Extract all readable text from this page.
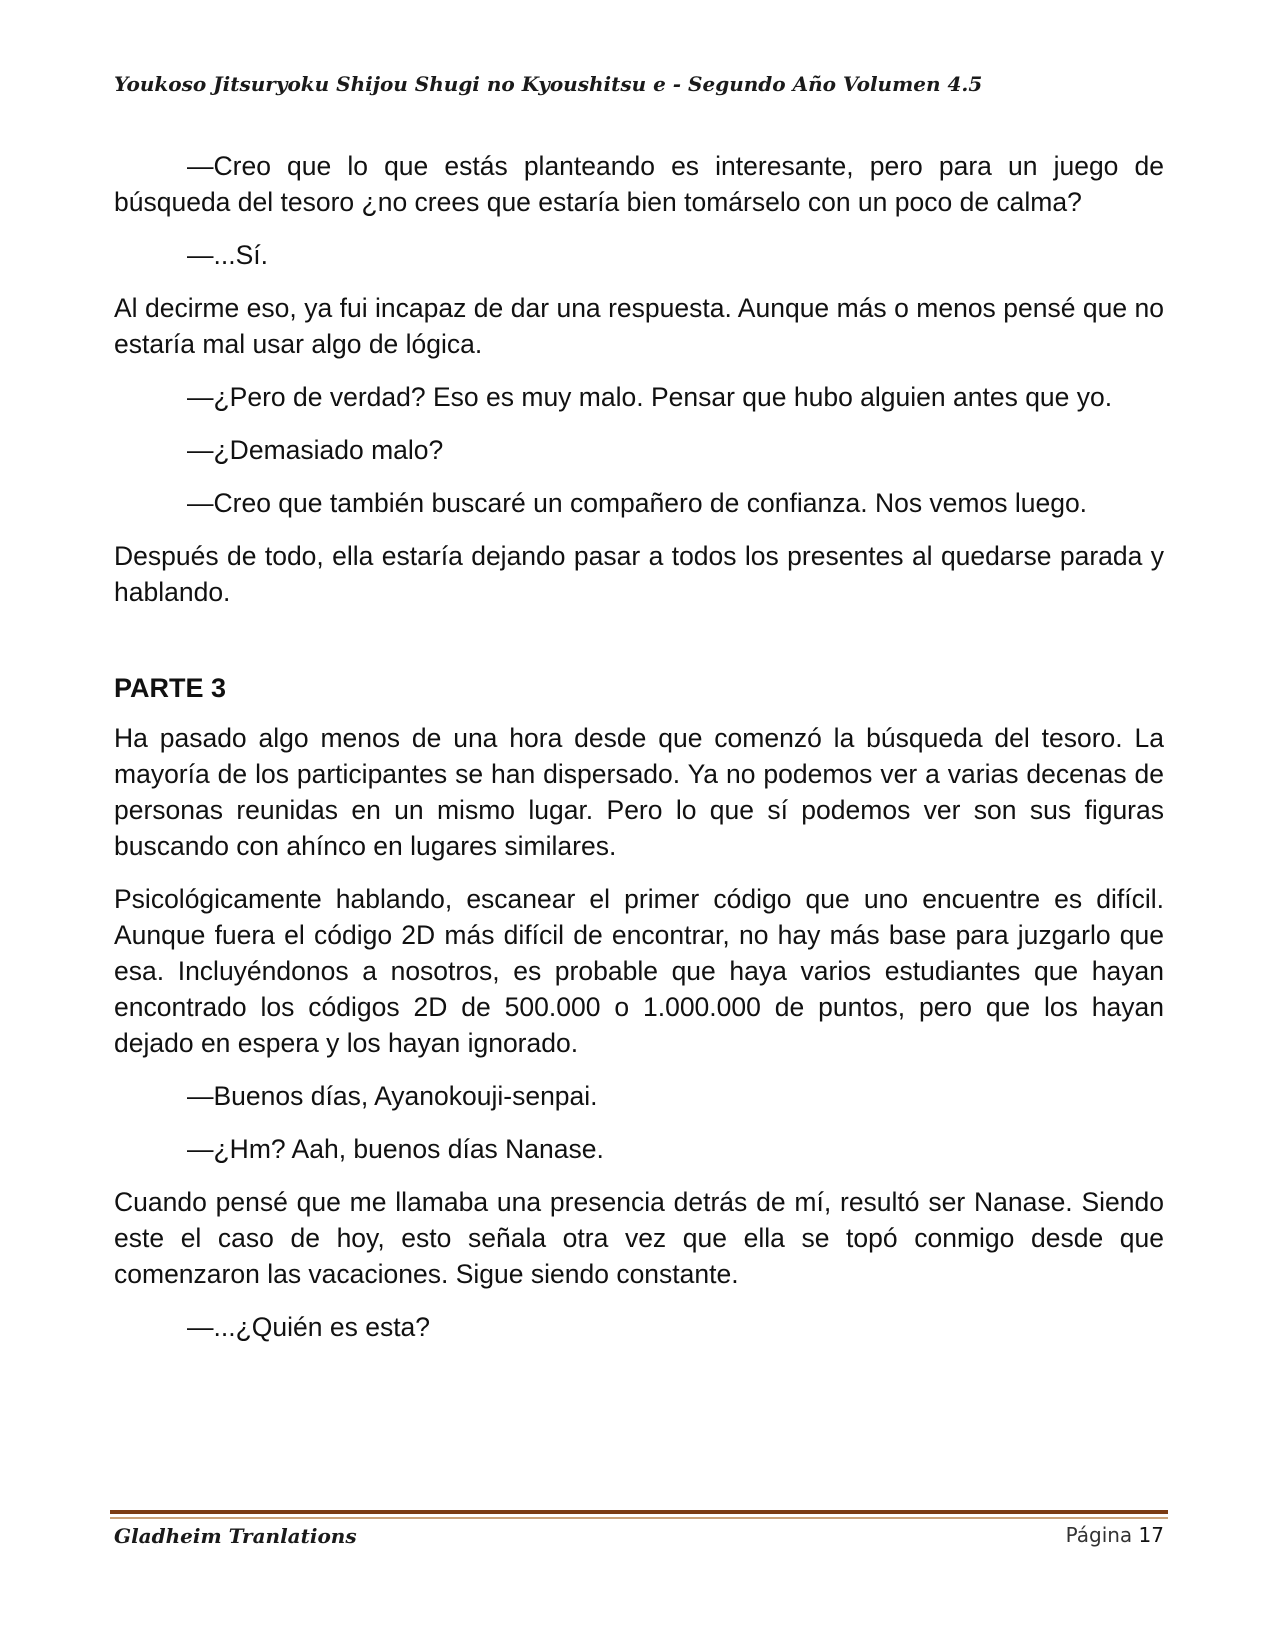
Youkoso Jitsuryoku Shijou Shugi no Kyoushitsu e - Segundo Año Volumen 4.5

—Creo que lo que estás planteando es interesante, pero para un juego de búsqueda del tesoro ¿no crees que estaría bien tomárselo con un poco de calma?

—...Sí.

Al decirme eso, ya fui incapaz de dar una respuesta. Aunque más o menos pensé que no estaría mal usar algo de lógica.

—¿Pero de verdad? Eso es muy malo. Pensar que hubo alguien antes que yo.

—¿Demasiado malo?

—Creo que también buscaré un compañero de confianza. Nos vemos luego.

Después de todo, ella estaría dejando pasar a todos los presentes al quedarse parada y hablando.

PARTE 3

Ha pasado algo menos de una hora desde que comenzó la búsqueda del tesoro. La mayoría de los participantes se han dispersado. Ya no podemos ver a varias decenas de personas reunidas en un mismo lugar. Pero lo que sí podemos ver son sus figuras buscando con ahínco en lugares similares.

Psicológicamente hablando, escanear el primer código que uno encuentre es difícil. Aunque fuera el código 2D más difícil de encontrar, no hay más base para juzgarlo que esa. Incluyéndonos a nosotros, es probable que haya varios estudiantes que hayan encontrado los códigos 2D de 500.000 o 1.000.000 de puntos, pero que los hayan dejado en espera y los hayan ignorado.

—Buenos días, Ayanokouji-senpai.

—¿Hm? Aah, buenos días Nanase.

Cuando pensé que me llamaba una presencia detrás de mí, resultó ser Nanase. Siendo este el caso de hoy, esto señala otra vez que ella se topó conmigo desde que comenzaron las vacaciones. Sigue siendo constante.

—...¿Quién es esta?

Gladheim Tranlations	Página 17
